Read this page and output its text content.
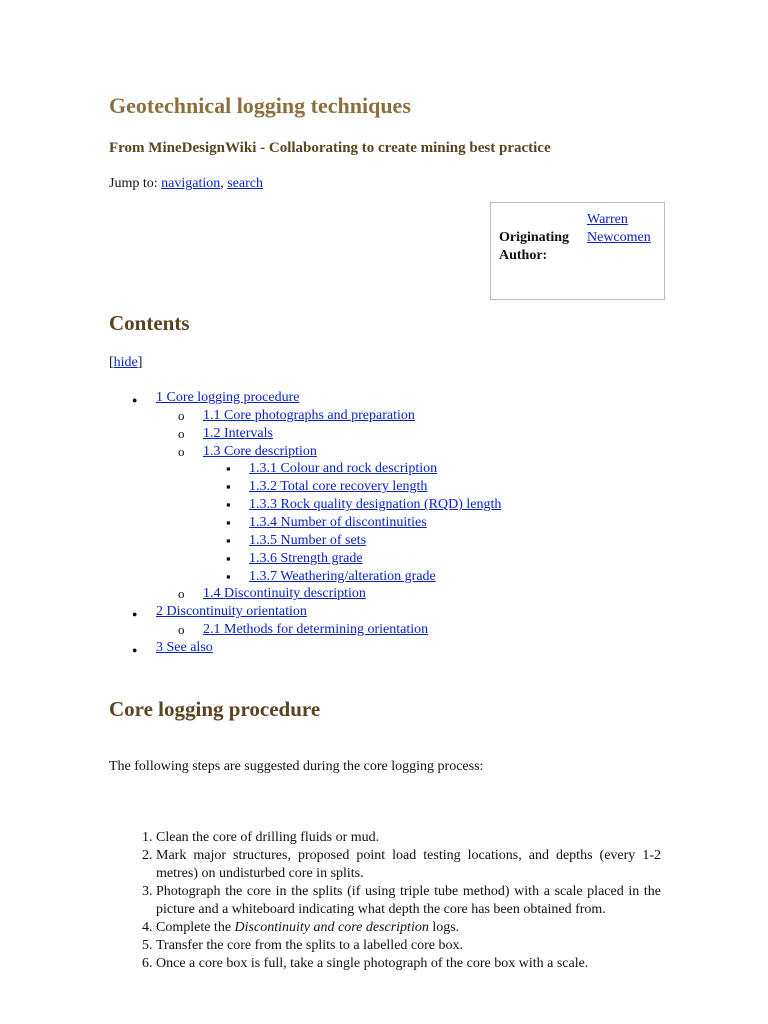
Geotechnical logging techniques
From MineDesignWiki - Collaborating to create mining best practice
Jump to: navigation, search
Originating
Author:
Warren
Newcomen
Contents
[hide]
● 1 Core logging procedure
o 1.1 Core photographs and preparation
o 1.2 Intervals
o 1.3 Core description
▪ 1.3.1 Colour and rock description
▪ 1.3.2 Total core recovery length
▪ 1.3.3 Rock quality designation (RQD) length
▪ 1.3.4 Number of discontinuities
▪ 1.3.5 Number of sets
▪ 1.3.6 Strength grade
▪ 1.3.7 Weathering/alteration grade
o 1.4 Discontinuity description
● 2 Discontinuity orientation
o 2.1 Methods for determining orientation
● 3 See also
Core logging procedure

The following steps are suggested during the core logging process:

1. Clean the core of drilling fluids or mud.
2. Mark major structures, proposed point load testing locations, and depths (every 1-2 metres) on undisturbed core in splits.
3. Photograph the core in the splits (if using triple tube method) with a scale placed in the picture and a whiteboard indicating what depth the core has been obtained from.
4. Complete the Discontinuity and core description logs.
5. Transfer the core from the splits to a labelled core box.
6. Once a core box is full, take a single photograph of the core box with a scale.
